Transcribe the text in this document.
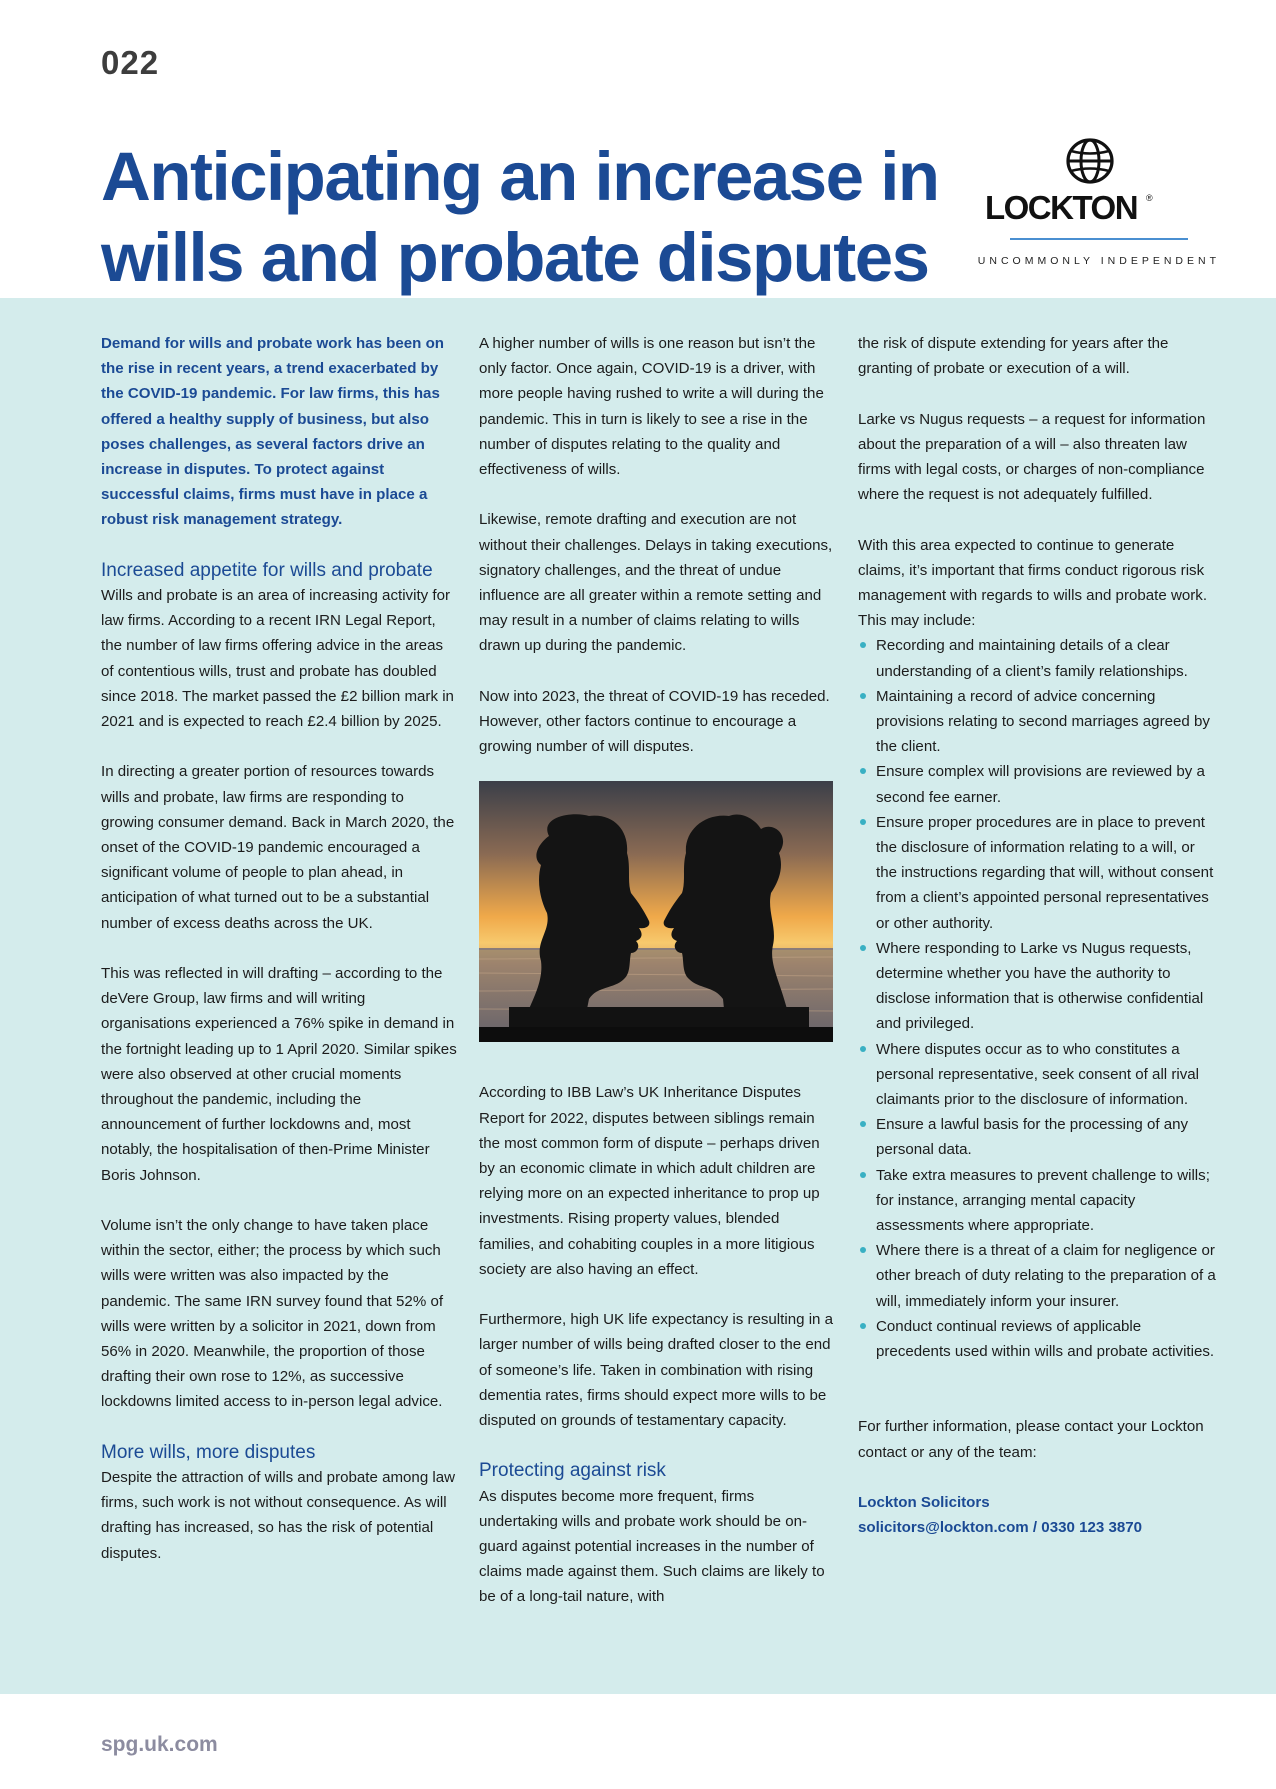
022
Anticipating an increase in wills and probate disputes
LOCKTON ®
UNCOMMONLY INDEPENDENT

Demand for wills and probate work has been on the rise in recent years, a trend exacerbated by the COVID-19 pandemic. For law firms, this has offered a healthy supply of business, but also poses challenges, as several factors drive an increase in disputes. To protect against successful claims, firms must have in place a robust risk management strategy.

Increased appetite for wills and probate

Wills and probate is an area of increasing activity for law firms. According to a recent IRN Legal Report, the number of law firms offering advice in the areas of contentious wills, trust and probate has doubled since 2018. The market passed the £2 billion mark in 2021 and is expected to reach £2.4 billion by 2025.

In directing a greater portion of resources towards wills and probate, law firms are responding to growing consumer demand. Back in March 2020, the onset of the COVID-19 pandemic encouraged a significant volume of people to plan ahead, in anticipation of what turned out to be a substantial number of excess deaths across the UK.

This was reflected in will drafting – according to the deVere Group, law firms and will writing organisations experienced a 76% spike in demand in the fortnight leading up to 1 April 2020. Similar spikes were also observed at other crucial moments throughout the pandemic, including the announcement of further lockdowns and, most notably, the hospitalisation of then-Prime Minister Boris Johnson.

Volume isn’t the only change to have taken place within the sector, either; the process by which such wills were written was also impacted by the pandemic. The same IRN survey found that 52% of wills were written by a solicitor in 2021, down from 56% in 2020. Meanwhile, the proportion of those drafting their own rose to 12%, as successive lockdowns limited access to in-person legal advice.

More wills, more disputes

Despite the attraction of wills and probate among law firms, such work is not without consequence. As will drafting has increased, so has the risk of potential disputes.

A higher number of wills is one reason but isn’t the only factor. Once again, COVID-19 is a driver, with more people having rushed to write a will during the pandemic. This in turn is likely to see a rise in the number of disputes relating to the quality and effectiveness of wills.

Likewise, remote drafting and execution are not without their challenges. Delays in taking executions, signatory challenges, and the threat of undue influence are all greater within a remote setting and may result in a number of claims relating to wills drawn up during the pandemic.

Now into 2023, the threat of COVID-19 has receded. However, other factors continue to encourage a growing number of will disputes.

According to IBB Law’s UK Inheritance Disputes Report for 2022, disputes between siblings remain the most common form of dispute – perhaps driven by an economic climate in which adult children are relying more on an expected inheritance to prop up investments. Rising property values, blended families, and cohabiting couples in a more litigious society are also having an effect.

Furthermore, high UK life expectancy is resulting in a larger number of wills being drafted closer to the end of someone’s life. Taken in combination with rising dementia rates, firms should expect more wills to be disputed on grounds of testamentary capacity.

Protecting against risk

As disputes become more frequent, firms undertaking wills and probate work should be on-guard against potential increases in the number of claims made against them. Such claims are likely to be of a long-tail nature, with

the risk of dispute extending for years after the granting of probate or execution of a will.

Larke vs Nugus requests – a request for information about the preparation of a will – also threaten law firms with legal costs, or charges of non-compliance where the request is not adequately fulfilled.

With this area expected to continue to generate claims, it’s important that firms conduct rigorous risk management with regards to wills and probate work. This may include:

Recording and maintaining details of a clear understanding of a client’s family relationships.
Maintaining a record of advice concerning provisions relating to second marriages agreed by the client.
Ensure complex will provisions are reviewed by a second fee earner.
Ensure proper procedures are in place to prevent the disclosure of information relating to a will, or the instructions regarding that will, without consent from a client’s appointed personal representatives or other authority.
Where responding to Larke vs Nugus requests, determine whether you have the authority to disclose information that is otherwise confidential and privileged.
Where disputes occur as to who constitutes a personal representative, seek consent of all rival claimants prior to the disclosure of information.
Ensure a lawful basis for the processing of any personal data.
Take extra measures to prevent challenge to wills; for instance, arranging mental capacity assessments where appropriate.
Where there is a threat of a claim for negligence or other breach of duty relating to the preparation of a will, immediately inform your insurer.
Conduct continual reviews of applicable precedents used within wills and probate activities.

For further information, please contact your Lockton contact or any of the team:

Lockton Solicitors

solicitors@lockton.com / 0330 123 3870

spg.uk.com
